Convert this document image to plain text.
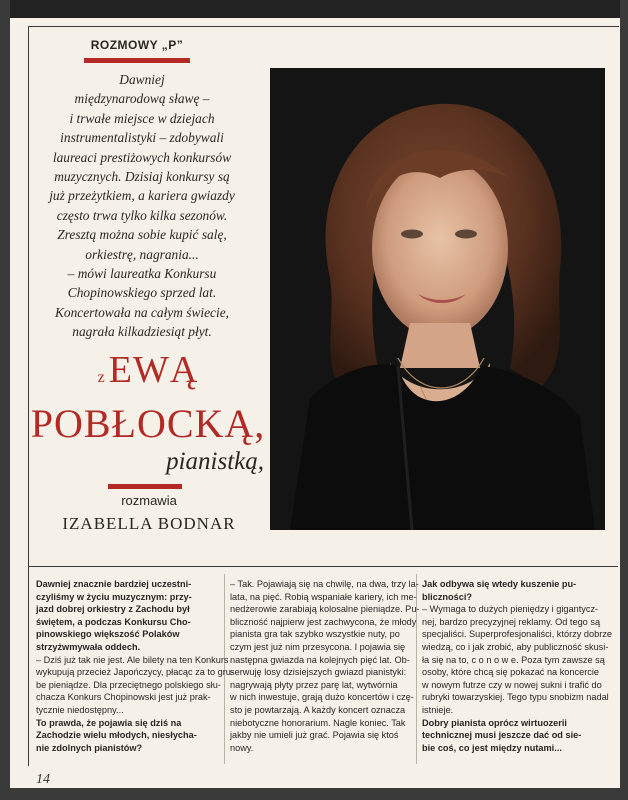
ROZMOWY „P”
Dawniej
międzynarodową sławę –
i trwałe miejsce w dziejach
instrumentalistyki – zdobywali
laureaci prestiżowych konkursów
muzycznych. Dzisiaj konkursy są
już przeżytkiem, a kariera gwiazdy
często trwa tylko kilka sezonów.
Zresztą można sobie kupić salę,
orkiestrę, nagrania...
– mówi laureatka Konkursu
Chopinowskiego sprzed lat.
Koncertowała na całym świecie,
nagrała kilkadziesiąt płyt.
z EWĄ
POBŁOCKĄ,
pianistką,
rozmawia
IZABELLA BODNAR

Dawniej znacznie bardziej uczestni-

czyliśmy w życiu muzycznym: przy-

jazd dobrej orkiestry z Zachodu był

świętem, a podczas Konkursu Cho-

pinowskiego większość Polaków

strzyżwmywała oddech.

– Dziś już tak nie jest. Ale bilety na ten Konkurs

wykupują przecież Japończycy, płacąc za to gru-

be pieniądze. Dla przeciętnego polskiego słu-

chacza Konkurs Chopinowski jest już prak-

tycznie niedostępny...

To prawda, że pojawia się dziś na

Zachodzie wielu młodych, niesłycha-

nie zdolnych pianistów?

– Tak. Pojawiają się na chwilę, na dwa, trzy la-

lata, na pięć. Robią wspaniałe kariery, ich me-

nedżerowie zarabiają kolosalne pieniądze. Pu-

bliczność najpierw jest zachwycona, że młody

pianista gra tak szybko wszystkie nuty, po

czym jest już nim przesycona. I pojawia się

następna gwiazda na kolejnych pięć lat. Ob-

serwuję losy dzisiejszych gwiazd pianistyki:

nagrywają płyty przez parę lat, wytwórnia

w nich inwestuje, grają dużo koncertów i czę-

sto je powtarzają. A każdy koncert oznacza

niebotyczne honorarium. Nagle koniec. Tak

jakby nie umieli już grać. Pojawia się ktoś

nowy.

Jak odbywa się wtedy kuszenie pu-

bliczności?

– Wymaga to dużych pieniędzy i gigantycz-

nej, bardzo precyzyjnej reklamy. Od tego są

specjaliści. Superprofesjonaliści, którzy dobrze

wiedzą, co i jak zrobić, aby publiczność skusi-

ła się na to, c o n o w e. Poza tym zawsze są

osoby, które chcą się pokazać na koncercie

w nowym futrze czy w nowej sukni i trafić do

rubryki towarzyskiej. Tego typu snobizm nadal

istnieje.

Dobry pianista oprócz wirtuozerii

technicznej musi jeszcze dać od sie-

bie coś, co jest między nutami...

14
